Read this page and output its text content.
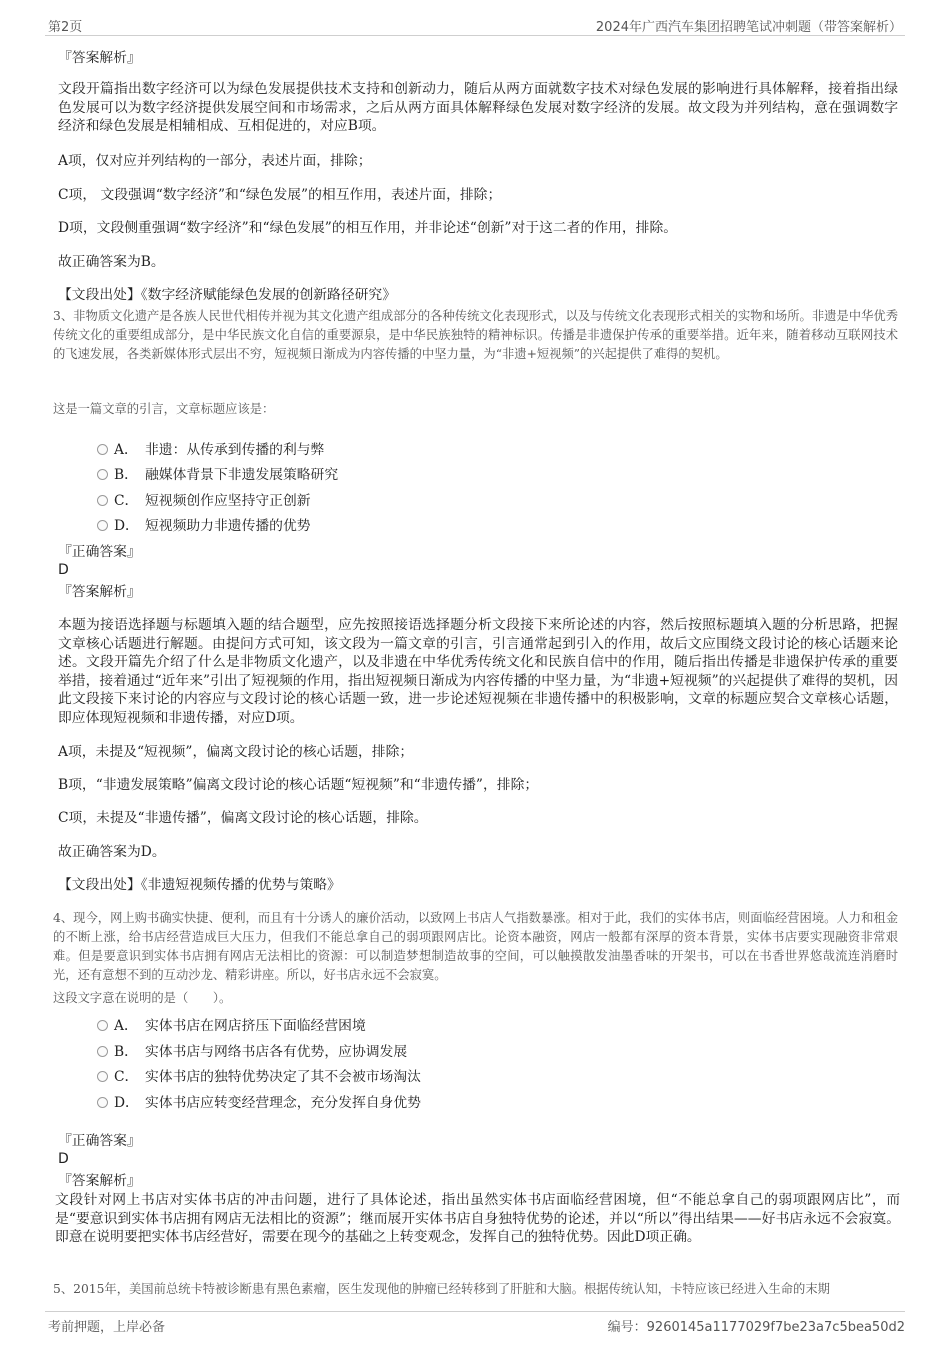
第2页	2024年广西汽车集团招聘笔试冲刺题（带答案解析）

『答案解析』

文段开篇指出数字经济可以为绿色发展提供技术支持和创新动力，随后从两方面就数字技术对绿色发展的影响进行具体解释，接着指出绿色发展可以为数字经济提供发展空间和市场需求，之后从两方面具体解释绿色发展对数字经济的发展。故文段为并列结构，意在强调数字经济和绿色发展是相辅相成、互相促进的，对应B项。

A项，仅对应并列结构的一部分，表述片面，排除；

C项， 文段强调“数字经济”和“绿色发展”的相互作用，表述片面，排除；

D项，文段侧重强调“数字经济”和“绿色发展”的相互作用，并非论述“创新”对于这二者的作用，排除。

故正确答案为B。

【文段出处】《数字经济赋能绿色发展的创新路径研究》

3、非物质文化遗产是各族人民世代相传并视为其文化遗产组成部分的各种传统文化表现形式，以及与传统文化表现形式相关的实物和场所。非遗是中华优秀传统文化的重要组成部分，是中华民族文化自信的重要源泉，是中华民族独特的精神标识。传播是非遗保护传承的重要举措。近年来，随着移动互联网技术的飞速发展，各类新媒体形式层出不穷，短视频日渐成为内容传播的中坚力量，为“非遗+短视频”的兴起提供了难得的契机。

这是一篇文章的引言，文章标题应该是：

A． 非遗：从传承到传播的利与弊
B． 融媒体背景下非遗发展策略研究
C． 短视频创作应坚持守正创新
D． 短视频助力非遗传播的优势

『正确答案』

D

『答案解析』

本题为接语选择题与标题填入题的结合题型，应先按照接语选择题分析文段接下来所论述的内容，然后按照标题填入题的分析思路，把握文章核心话题进行解题。由提问方式可知，该文段为一篇文章的引言，引言通常起到引入的作用，故后文应围绕文段讨论的核心话题来论述。文段开篇先介绍了什么是非物质文化遗产，以及非遗在中华优秀传统文化和民族自信中的作用，随后指出传播是非遗保护传承的重要举措，接着通过“近年来”引出了短视频的作用，指出短视频日渐成为内容传播的中坚力量，为“非遗+短视频”的兴起提供了难得的契机，因此文段接下来讨论的内容应与文段讨论的核心话题一致，进一步论述短视频在非遗传播中的积极影响，文章的标题应契合文章核心话题，即应体现短视频和非遗传播，对应D项。

A项，未提及“短视频”，偏离文段讨论的核心话题，排除；

B项，“非遗发展策略”偏离文段讨论的核心话题“短视频”和“非遗传播”，排除；

C项，未提及“非遗传播”，偏离文段讨论的核心话题，排除。

故正确答案为D。

【文段出处】《非遗短视频传播的优势与策略》

4、现今，网上购书确实快捷、便利，而且有十分诱人的廉价活动，以致网上书店人气指数暴涨。相对于此，我们的实体书店，则面临经营困境。人力和租金的不断上涨，给书店经营造成巨大压力，但我们不能总拿自己的弱项跟网店比。论资本融资，网店一般都有深厚的资本背景，实体书店要实现融资非常艰难。但是要意识到实体书店拥有网店无法相比的资源：可以制造梦想制造故事的空间，可以触摸散发油墨香味的开架书，可以在书香世界悠哉流连消磨时光，还有意想不到的互动沙龙、精彩讲座。所以，好书店永远不会寂寞。

这段文字意在说明的是（　　）。

A． 实体书店在网店挤压下面临经营困境
B． 实体书店与网络书店各有优势，应协调发展
C． 实体书店的独特优势决定了其不会被市场淘汰
D． 实体书店应转变经营理念，充分发挥自身优势

『正确答案』

D

『答案解析』

文段针对网上书店对实体书店的冲击问题，进行了具体论述，指出虽然实体书店面临经营困境，但“不能总拿自己的弱项跟网店比”，而是“要意识到实体书店拥有网店无法相比的资源”；继而展开实体书店自身独特优势的论述，并以“所以”得出结果——好书店永远不会寂寞。即意在说明要把实体书店经营好，需要在现今的基础之上转变观念，发挥自己的独特优势。因此D项正确。

5、2015年，美国前总统卡特被诊断患有黑色素瘤，医生发现他的肿瘤已经转移到了肝脏和大脑。根据传统认知，卡特应该已经进入生命的末期

考前押题，上岸必备	编号：9260145a1177029f7be23a7c5bea50d2
